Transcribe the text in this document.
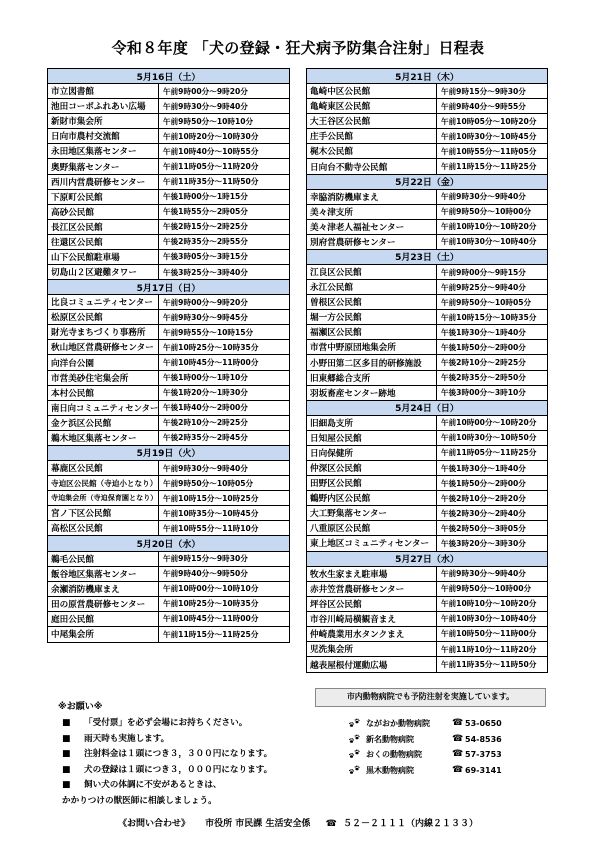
令和８年度 「犬の登録・狂犬病予防集合注射」日程表
5月16日（土）
市立図書館	午前9時00分～9時20分
池田コーポふれあい広場	午前9時30分～9時40分
新財市集会所	午前9時50分～10時10分
日向市農村交流館	午前10時20分～10時30分
永田地区集落センター	午前10時40分～10時55分
奥野集落センター	午前11時05分～11時20分
西川内営農研修センター	午前11時35分～11時50分
下原町公民館	午後1時00分～1時15分
高砂公民館	午後1時55分～2時05分
長江区公民館	午後2時15分～2時25分
往還区公民館	午後2時35分～2時55分
山下公民館駐車場	午後3時05分～3時15分
切島山２区避難タワー	午後3時25分～3時40分
5月17日（日）
比良コミュニティセンター	午前9時00分～9時20分
松原区公民館	午前9時30分～9時45分
財光寺まちづくり事務所	午前9時55分～10時15分
秋山地区営農研修センター	午前10時25分～10時35分
向洋台公園	午前10時45分～11時00分
市営美砂住宅集会所	午後1時00分～1時10分
本村公民館	午後1時20分～1時30分
南日向コミュニティセンター 午後1時40分～2時00分
金ケ浜区公民館	午後2時10分～2時25分
鵜木地区集落センター	午後2時35分～2時45分
5月19日（火）
幕鹿区公民館	午前9時30分～9時40分
寺迫区公民館（寺迫小となり） 午前9時50分～10時05分
寺迫集会所（寺迫保育園となり） 午前10時15分～10時25分
宮ノ下区公民館	午前10時35分～10時45分
高松区公民館	午前10時55分～11時10分
5月20日（水）
鵜毛公民館	午前9時15分～9時30分
飯谷地区集落センター	午前9時40分～9時50分
余瀬消防機庫まえ	午前10時00分～10時10分
田の原営農研修センター	午前10時25分～10時35分
庭田公民館	午前10時45分～11時00分
中尾集会所	午前11時15分～11時25分
5月21日（木）
亀崎中区公民館	午前9時15分～9時30分
亀崎東区公民館	午前9時40分～9時55分
大王谷区公民館	午前10時05分～10時20分
庄手公民館	午前10時30分～10時45分
梶木公民館	午前10時55分～11時05分
日向台不動寺公民館	午前11時15分～11時25分
5月22日（金）
幸脇消防機庫まえ	午前9時30分～9時40分
美々津支所	午前9時50分～10時00分
美々津老人福祉センター	午前10時10分～10時20分
別府営農研修センター	午前10時30分～10時40分
5月23日（土）
江良区公民館	午前9時00分～9時15分
永江公民館	午前9時25分～9時40分
曽根区公民館	午前9時50分～10時05分
堀一方公民館	午前10時15分～10時35分
福瀬区公民館	午後1時30分～1時40分
市営中野原団地集会所	午後1時50分～2時00分
小野田第二区多目的研修施設	午後2時10分～2時25分
旧東郷総合支所	午後2時35分～2時50分
羽坂畜産センター跡地	午後3時00分～3時10分
5月24日（日）
旧細島支所	午前10時00分～10時20分
日知屋公民館	午前10時30分～10時50分
日向保健所	午前11時05分～11時25分
仲深区公民館	午後1時30分～1時40分
田野区公民館	午後1時50分～2時00分
鶴野内区公民館	午後2時10分～2時20分
大工野集落センター	午後2時30分～2時40分
八重原区公民館	午後2時50分～3時05分
東上地区コミュニティセンター	午後3時20分～3時30分
5月27日（水）
牧水生家まえ駐車場	午前9時30分～9時40分
赤井笠営農研修センター	午前9時50分～10時00分
坪谷区公民館	午前10時10分～10時20分
市谷川崎局横観音まえ	午前10時30分～10時40分
仲崎農業用水タンクまえ	午前10時50分～11時00分
児洗集会所	午前11時10分～11時20分
越表屋根付運動広場	午前11時35分～11時50分
※お願い※
■ 「受付票」を必ず会場にお持ちください。
■ 雨天時も実施します。
■ 注射料金は１頭につき３，３００円になります。
■ 犬の登録は１頭につき３，０００円になります。
■ 飼い犬の体調に不安があるときは、
かかりつけの獣医師に相談しましょう。
市内動物病院でも予防注射を実施しています。
ながおか動物病院 ☎	53-0650
新名動物病院 ☎	54-8536
おくの動物病院 ☎	57-3753
黒木動物病院 ☎	69-3141
《お問い合わせ》 市役所 市民課 生活安全係 ☎	５２－２１１１（内線２１３３）
